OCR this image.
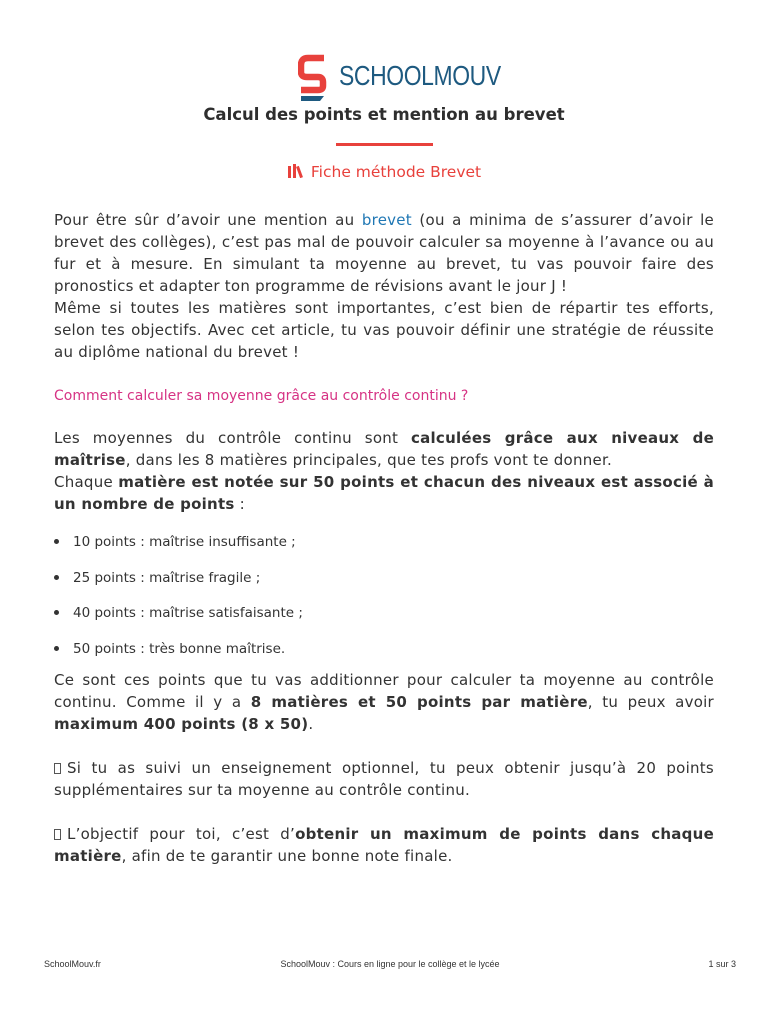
SCHOOLMOUV
Calcul des points et mention au brevet
Fiche méthode Brevet

Pour être sûr d’avoir une mention au brevet (ou a minima de s’assurer d’avoir le brevet des collèges), c’est pas mal de pouvoir calculer sa moyenne à l’avance ou au fur et à mesure. En simulant ta moyenne au brevet, tu vas pouvoir faire des pronostics et adapter ton programme de révisions avant le jour J !

Même si toutes les matières sont importantes, c’est bien de répartir tes efforts, selon tes objectifs. Avec cet article, tu vas pouvoir définir une stratégie de réussite au diplôme national du brevet !

Comment calculer sa moyenne grâce au contrôle continu ?

Les moyennes du contrôle continu sont calculées grâce aux niveaux de maîtrise, dans les 8 matières principales, que tes profs vont te donner.

Chaque matière est notée sur 50 points et chacun des niveaux est associé à un nombre de points :

10 points : maîtrise insuffisante ;
25 points : maîtrise fragile ;
40 points : maîtrise satisfaisante ;
50 points : très bonne maîtrise.

Ce sont ces points que tu vas additionner pour calculer ta moyenne au contrôle continu. Comme il y a 8 matières et 50 points par matière, tu peux avoir maximum 400 points (8 x 50).

Si tu as suivi un enseignement optionnel, tu peux obtenir jusqu’à 20 points supplémentaires sur ta moyenne au contrôle continu.

L’objectif pour toi, c’est d’obtenir un maximum de points dans chaque matière, afin de te garantir une bonne note finale.

SchoolMouv.fr	SchoolMouv : Cours en ligne pour le collège et le lycée	1 sur 3
